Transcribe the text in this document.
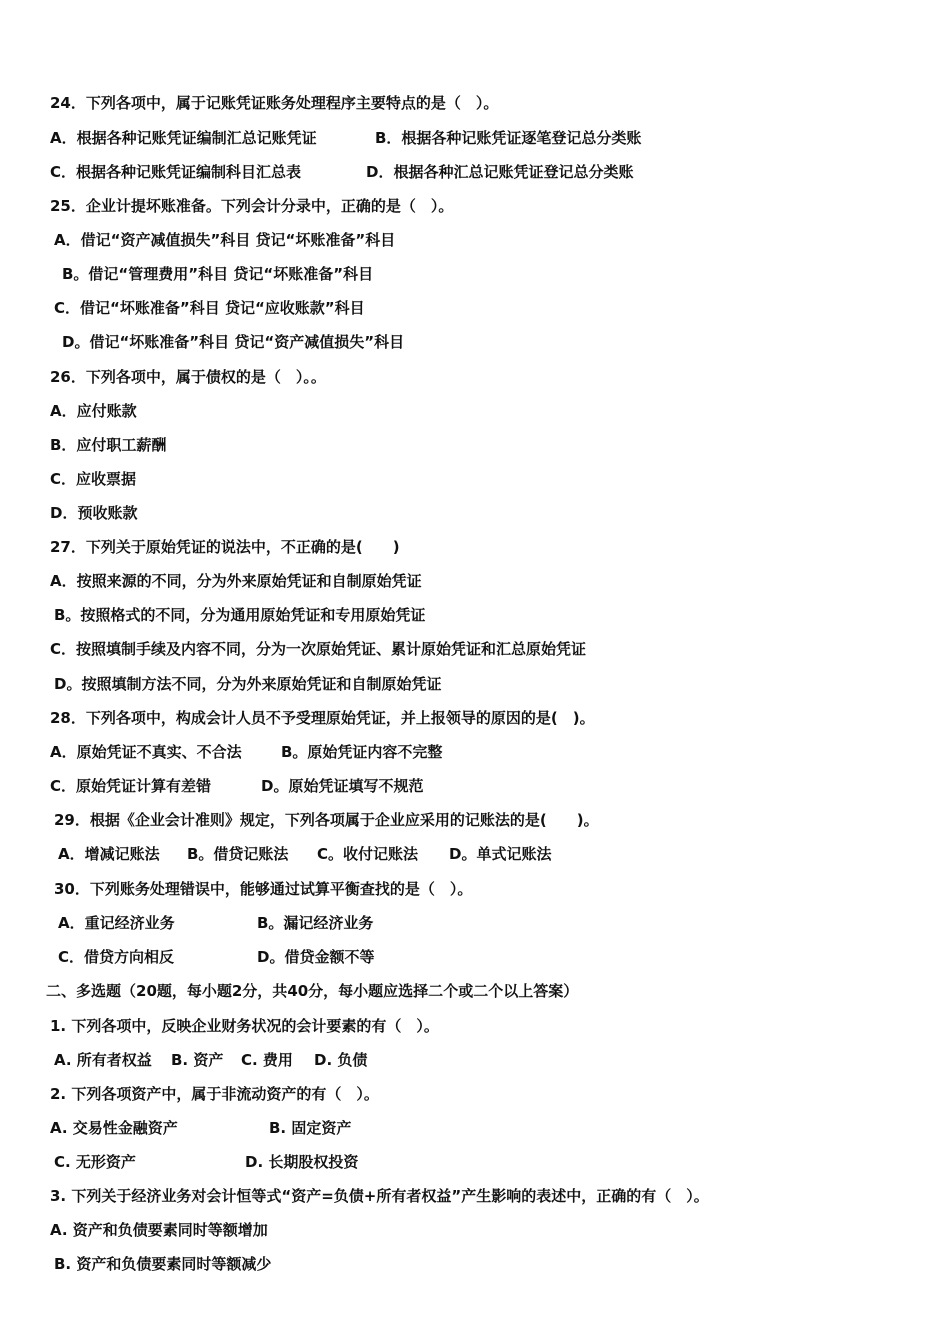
24．下列各项中，属于记账凭证账务处理程序主要特点的是（　）。
A．根据各种记账凭证编制汇总记账凭证	B．根据各种记账凭证逐笔登记总分类账
C．根据各种记账凭证编制科目汇总表	D．根据各种汇总记账凭证登记总分类账
25．企业计提坏账准备。下列会计分录中，正确的是（　）。
A．借记“资产减值损失”科目 贷记“坏账准备”科目
B。借记“管理费用”科目 贷记“坏账准备”科目
C．借记“坏账准备”科目 贷记“应收账款”科目
D。借记“坏账准备”科目 贷记“资产减值损失”科目
26．下列各项中，属于债权的是（　）。。
A．应付账款
B．应付职工薪酬
C．应收票据
D．预收账款
27．下列关于原始凭证的说法中，不正确的是(　　)
A．按照来源的不同，分为外来原始凭证和自制原始凭证
B。按照格式的不同，分为通用原始凭证和专用原始凭证
C．按照填制手续及内容不同，分为一次原始凭证、累计原始凭证和汇总原始凭证
D。按照填制方法不同，分为外来原始凭证和自制原始凭证
28．下列各项中，构成会计人员不予受理原始凭证，并上报领导的原因的是(　)。
A．原始凭证不真实、不合法	B。原始凭证内容不完整
C．原始凭证计算有差错	D。原始凭证填写不规范
29．根据《企业会计准则》规定，下列各项属于企业应采用的记账法的是(　　)。
A．增减记账法 B。借贷记账法 C。收付记账法 D。单式记账法
30．下列账务处理错误中，能够通过试算平衡查找的是（　）。
A．重记经济业务	B。漏记经济业务
C．借贷方向相反	D。借贷金额不等
二、多选题（20题，每小题2分，共40分，每小题应选择二个或二个以上答案）
1. 下列各项中，反映企业财务状况的会计要素的有（　）。
A. 所有者权益 B. 资产 C. 费用 D. 负债
2. 下列各项资产中，属于非流动资产的有（　）。
A. 交易性金融资产	B. 固定资产
C. 无形资产	D. 长期股权投资
3. 下列关于经济业务对会计恒等式“资产=负债+所有者权益”产生影响的表述中，正确的有（　）。
A. 资产和负债要素同时等额增加
B. 资产和负债要素同时等额减少
